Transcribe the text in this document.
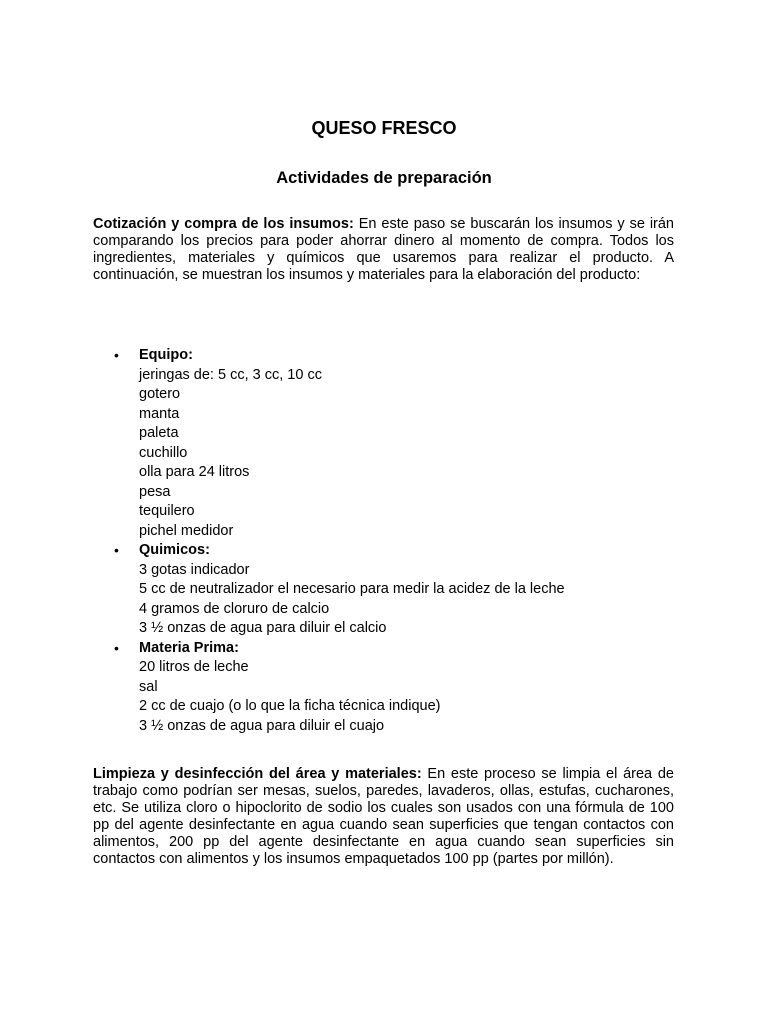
QUESO FRESCO
Actividades de preparación

Cotización y compra de los insumos: En este paso se buscarán los insumos y se irán comparando los precios para poder ahorrar dinero al momento de compra. Todos los ingredientes, materiales y químicos que usaremos para realizar el producto. A continuación, se muestran los insumos y materiales para la elaboración del producto:

• Equipo:
jeringas de: 5 cc, 3 cc, 10 cc
gotero
manta
paleta
cuchillo
olla para 24 litros
pesa
tequilero
pichel medidor
• Quimicos:
3 gotas indicador
5 cc de neutralizador el necesario para medir la acidez de la leche
4 gramos de cloruro de calcio
3 ½ onzas de agua para diluir el calcio
• Materia Prima:
20 litros de leche
sal
2 cc de cuajo (o lo que la ficha técnica indique)
3 ½ onzas de agua para diluir el cuajo

Limpieza y desinfección del área y materiales: En este proceso se limpia el área de trabajo como podrían ser mesas, suelos, paredes, lavaderos, ollas, estufas, cucharones, etc. Se utiliza cloro o hipoclorito de sodio los cuales son usados con una fórmula de 100 pp del agente desinfectante en agua cuando sean superficies que tengan contactos con alimentos, 200 pp del agente desinfectante en agua cuando sean superficies sin contactos con alimentos y los insumos empaquetados 100 pp (partes por millón).
